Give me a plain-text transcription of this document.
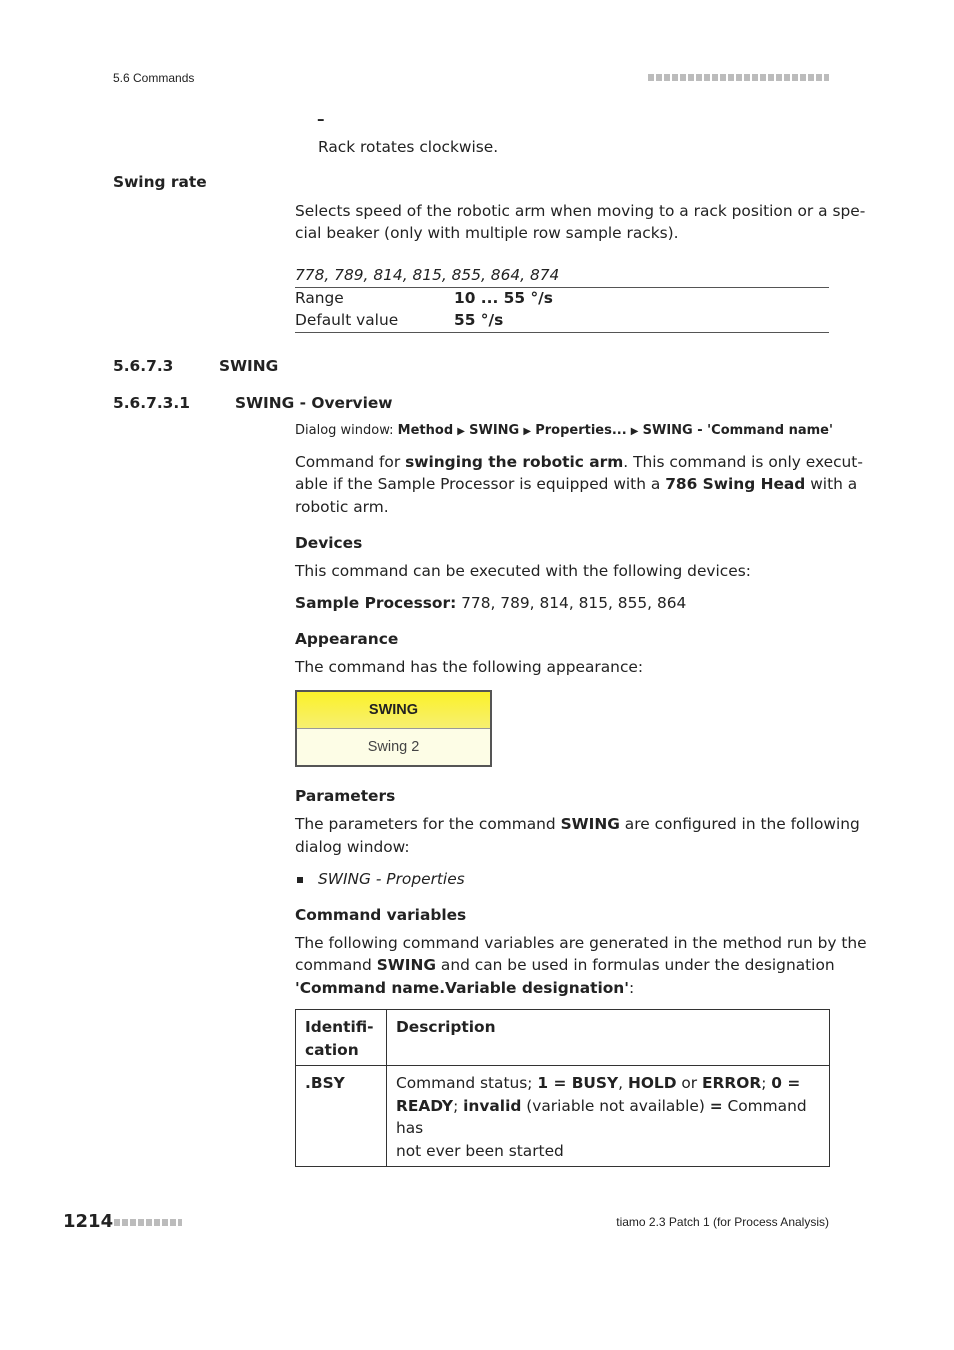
5.6 Commands
–
Rack rotates clockwise.
Swing rate
Selects speed of the robotic arm when moving to a rack position or a spe-
cial beaker (only with multiple row sample racks).
778, 789, 814, 815, 855, 864, 874
Range	10 ... 55 °/s
Default value	55 °/s
5.6.7.3	SWING
5.6.7.3.1	SWING - Overview
Dialog window: Method ▶ SWING ▶ Properties... ▶ SWING - 'Command name'
Command for swinging the robotic arm. This command is only execut-
able if the Sample Processor is equipped with a 786 Swing Head with a
robotic arm.
Devices
This command can be executed with the following devices:
Sample Processor: 778, 789, 814, 815, 855, 864
Appearance
The command has the following appearance:
SWING
Swing 2
Parameters
The parameters for the command SWING are configured in the following
dialog window:
SWING - Properties
Command variables
The following command variables are generated in the method run by the
command SWING and can be used in formulas under the designation
'Command name.Variable designation':
Identifi-
cation	Description
.BSY	Command status; 1 = BUSY, HOLD or ERROR; 0 =
READY; invalid (variable not available) = Command has
not ever been started
1214	tiamo 2.3 Patch 1 (for Process Analysis)
